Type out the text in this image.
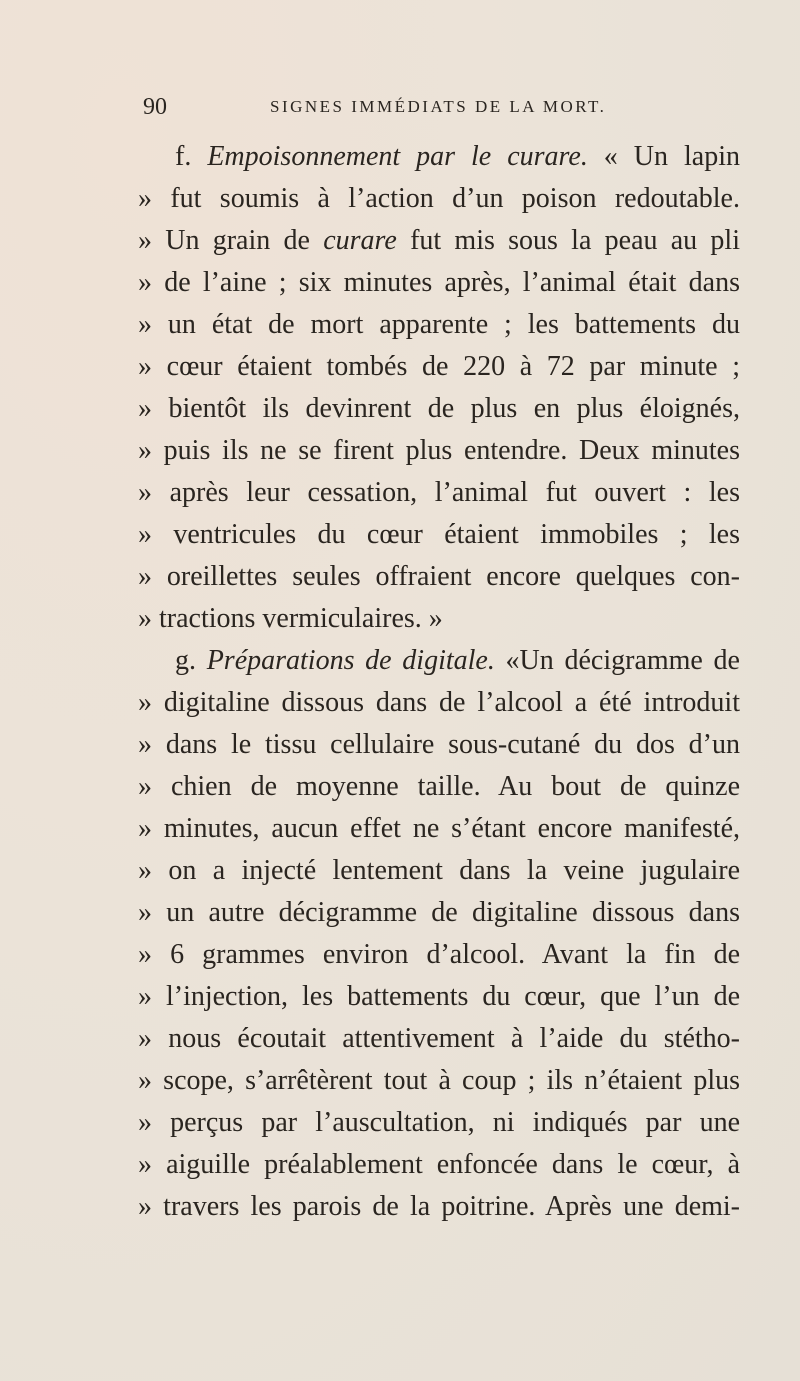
90	SIGNES IMMÉDIATS DE LA MORT.
f. Empoisonnement par le curare. « Un lapin
» fut soumis à l’action d’un poison redoutable.
» Un grain de curare fut mis sous la peau au pli
» de l’aine ; six minutes après, l’animal était dans
» un état de mort apparente ; les battements du
» cœur étaient tombés de 220 à 72 par minute ;
» bientôt ils devinrent de plus en plus éloignés,
» puis ils ne se firent plus entendre. Deux minutes
» après leur cessation, l’animal fut ouvert : les
» ventricules du cœur étaient immobiles ; les
» oreillettes seules offraient encore quelques con-
» tractions vermiculaires. »
g. Préparations de digitale. «Un décigramme de
» digitaline dissous dans de l’alcool a été introduit
» dans le tissu cellulaire sous-cutané du dos d’un
» chien de moyenne taille. Au bout de quinze
» minutes, aucun effet ne s’étant encore manifesté,
» on a injecté lentement dans la veine jugulaire
» un autre décigramme de digitaline dissous dans
» 6 grammes environ d’alcool. Avant la fin de
» l’injection, les battements du cœur, que l’un de
» nous écoutait attentivement à l’aide du stétho-
» scope, s’arrêtèrent tout à coup ; ils n’étaient plus
» perçus par l’auscultation, ni indiqués par une
» aiguille préalablement enfoncée dans le cœur, à
» travers les parois de la poitrine. Après une demi-
